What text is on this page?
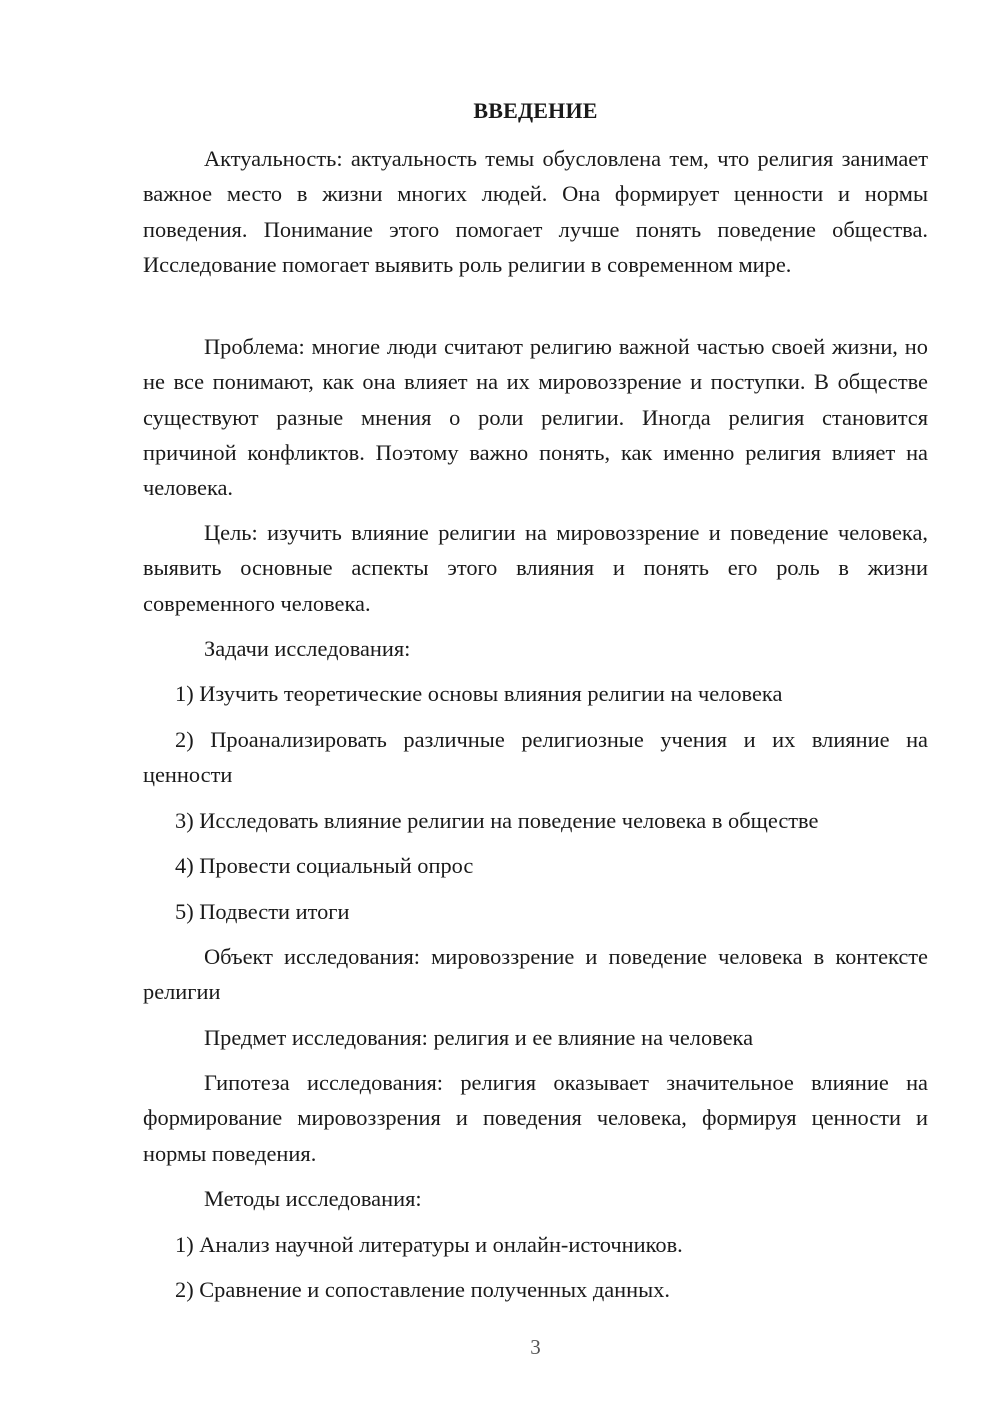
ВВЕДЕНИЕ

Актуальность: актуальность темы обусловлена тем, что религия занимает важное место в жизни многих людей. Она формирует ценности и нормы поведения. Понимание этого помогает лучше понять поведение общества. Исследование помогает выявить роль религии в современном мире.

Проблема: многие люди считают религию важной частью своей жизни, но не все понимают, как она влияет на их мировоззрение и поступки. В обществе существуют разные мнения о роли религии. Иногда религия становится причиной конфликтов. Поэтому важно понять, как именно религия влияет на человека.

Цель: изучить влияние религии на мировоззрение и поведение человека, выявить основные аспекты этого влияния и понять его роль в жизни современного человека.

Задачи исследования:

1) Изучить теоретические основы влияния религии на человека

2) Проанализировать различные религиозные учения и их влияние на ценности

3) Исследовать влияние религии на поведение человека в обществе

4) Провести социальный опрос

5) Подвести итоги

Объект исследования: мировоззрение и поведение человека в контексте религии

Предмет исследования: религия и ее влияние на человека

Гипотеза исследования: религия оказывает значительное влияние на формирование мировоззрения и поведения человека, формируя ценности и нормы поведения.

Методы исследования:

1) Анализ научной литературы и онлайн-источников.

2) Сравнение и сопоставление полученных данных.

3
